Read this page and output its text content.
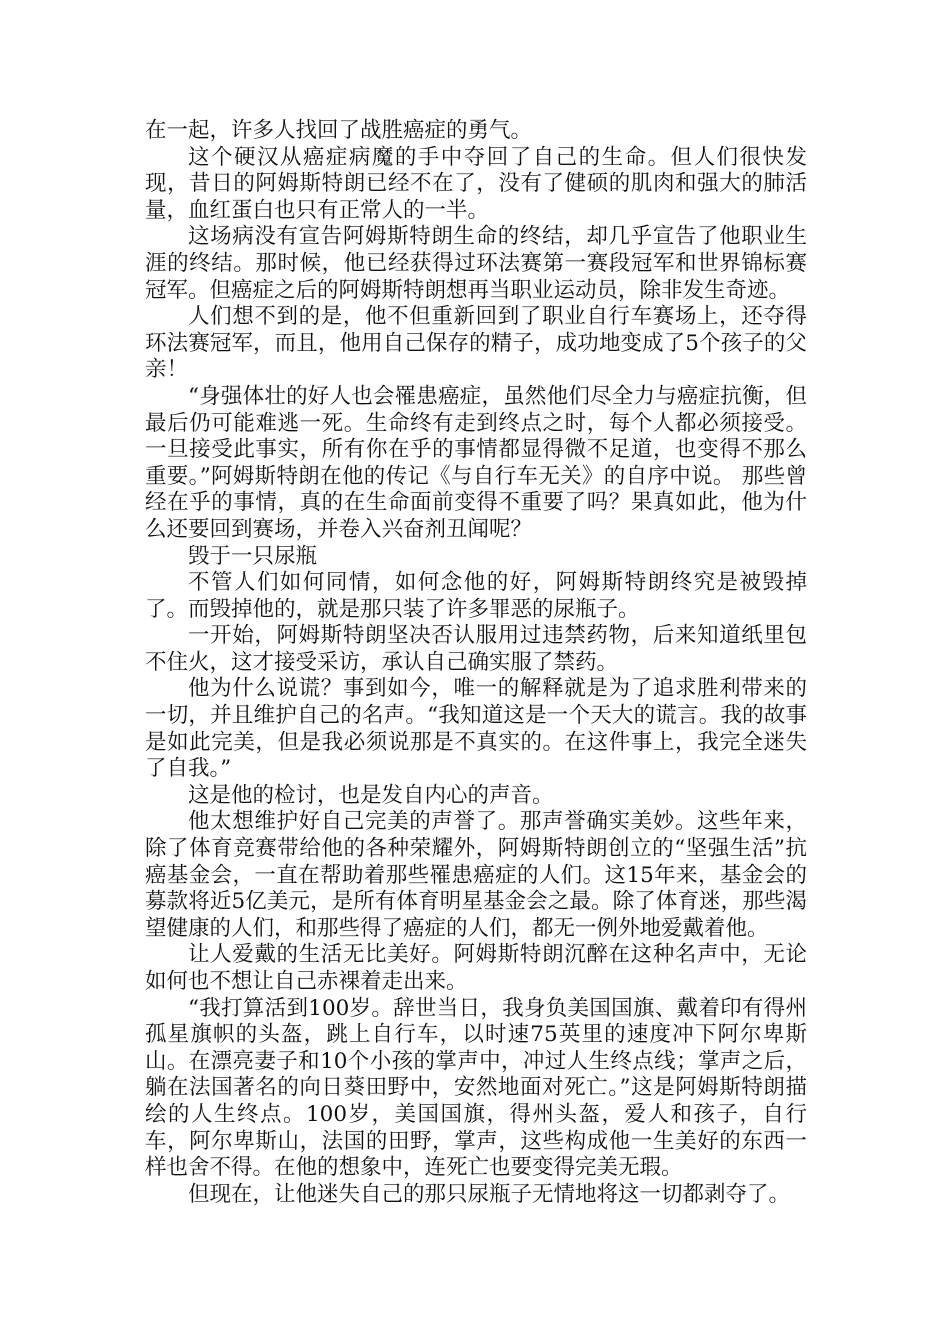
在一起，许多人找回了战胜癌症的勇气。

这个硬汉从癌症病魔的手中夺回了自己的生命。但人们很快发现，昔日的阿姆斯特朗已经不在了，没有了健硕的肌肉和强大的肺活量，血红蛋白也只有正常人的一半。

这场病没有宣告阿姆斯特朗生命的终结，却几乎宣告了他职业生涯的终结。那时候，他已经获得过环法赛第一赛段冠军和世界锦标赛冠军。但癌症之后的阿姆斯特朗想再当职业运动员，除非发生奇迹。

人们想不到的是，他不但重新回到了职业自行车赛场上，还夺得环法赛冠军，而且，他用自己保存的精子，成功地变成了5个孩子的父亲！

“身强体壮的好人也会罹患癌症，虽然他们尽全力与癌症抗衡，但最后仍可能难逃一死。生命终有走到终点之时，每个人都必须接受。一旦接受此事实，所有你在乎的事情都显得微不足道，也变得不那么重要。”阿姆斯特朗在他的传记《与自行车无关》的自序中说。 那些曾经在乎的事情，真的在生命面前变得不重要了吗？果真如此，他为什么还要回到赛场，并卷入兴奋剂丑闻呢？

毁于一只尿瓶

不管人们如何同情，如何念他的好，阿姆斯特朗终究是被毁掉了。而毁掉他的，就是那只装了许多罪恶的尿瓶子。

一开始，阿姆斯特朗坚决否认服用过违禁药物，后来知道纸里包不住火，这才接受采访，承认自己确实服了禁药。

他为什么说谎？事到如今，唯一的解释就是为了追求胜利带来的一切，并且维护自己的名声。“我知道这是一个天大的谎言。我的故事是如此完美，但是我必须说那是不真实的。在这件事上，我完全迷失了自我。”

这是他的检讨，也是发自内心的声音。

他太想维护好自己完美的声誉了。那声誉确实美妙。这些年来，除了体育竞赛带给他的各种荣耀外，阿姆斯特朗创立的“坚强生活”抗癌基金会，一直在帮助着那些罹患癌症的人们。这15年来，基金会的募款将近5亿美元，是所有体育明星基金会之最。除了体育迷，那些渴望健康的人们，和那些得了癌症的人们，都无一例外地爱戴着他。

让人爱戴的生活无比美好。阿姆斯特朗沉醉在这种名声中，无论如何也不想让自己赤裸着走出来。

“我打算活到100岁。辞世当日，我身负美国国旗、戴着印有得州孤星旗帜的头盔，跳上自行车，以时速75英里的速度冲下阿尔卑斯山。在漂亮妻子和10个小孩的掌声中，冲过人生终点线；掌声之后，躺在法国著名的向日葵田野中，安然地面对死亡。”这是阿姆斯特朗描绘的人生终点。100岁，美国国旗，得州头盔，爱人和孩子，自行车，阿尔卑斯山，法国的田野，掌声，这些构成他一生美好的东西一样也舍不得。在他的想象中，连死亡也要变得完美无瑕。

但现在，让他迷失自己的那只尿瓶子无情地将这一切都剥夺了。
